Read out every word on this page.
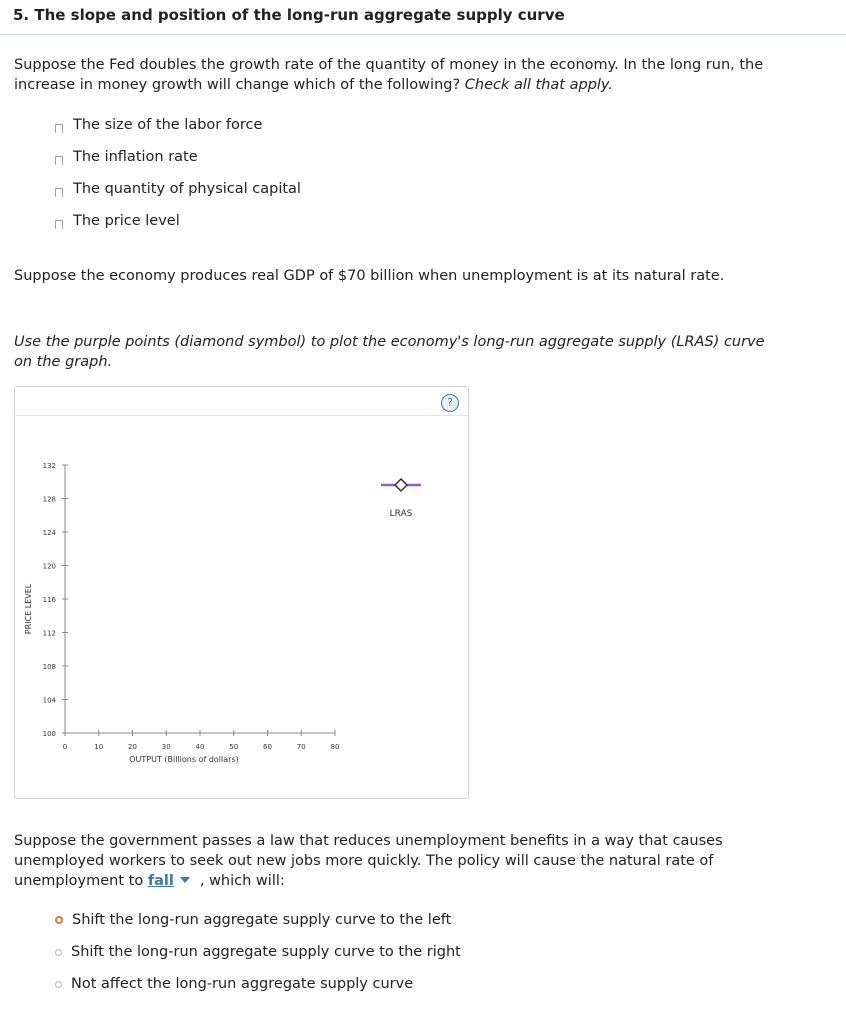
5. The slope and position of the long-run aggregate supply curve
Suppose the Fed doubles the growth rate of the quantity of money in the economy. In the long run, the increase in money growth will change which of the following? Check all that apply.
The size of the labor force
The inflation rate
The quantity of physical capital
The price level
Suppose the economy produces real GDP of $70 billion when unemployment is at its natural rate.
Use the purple points (diamond symbol) to plot the economy's long-run aggregate supply (LRAS) curve on the graph.
?
132
128
124
120
116
112
108
104
100
0	10	20	30	40	50	60	70	80
OUTPUT (Billions of dollars)
PRICE LEVEL
LRAS
Suppose the government passes a law that reduces unemployment benefits in a way that causes unemployed workers to seek out new jobs more quickly. The policy will cause the natural rate of unemployment to fall , which will:
Shift the long-run aggregate supply curve to the left
Shift the long-run aggregate supply curve to the right
Not affect the long-run aggregate supply curve
